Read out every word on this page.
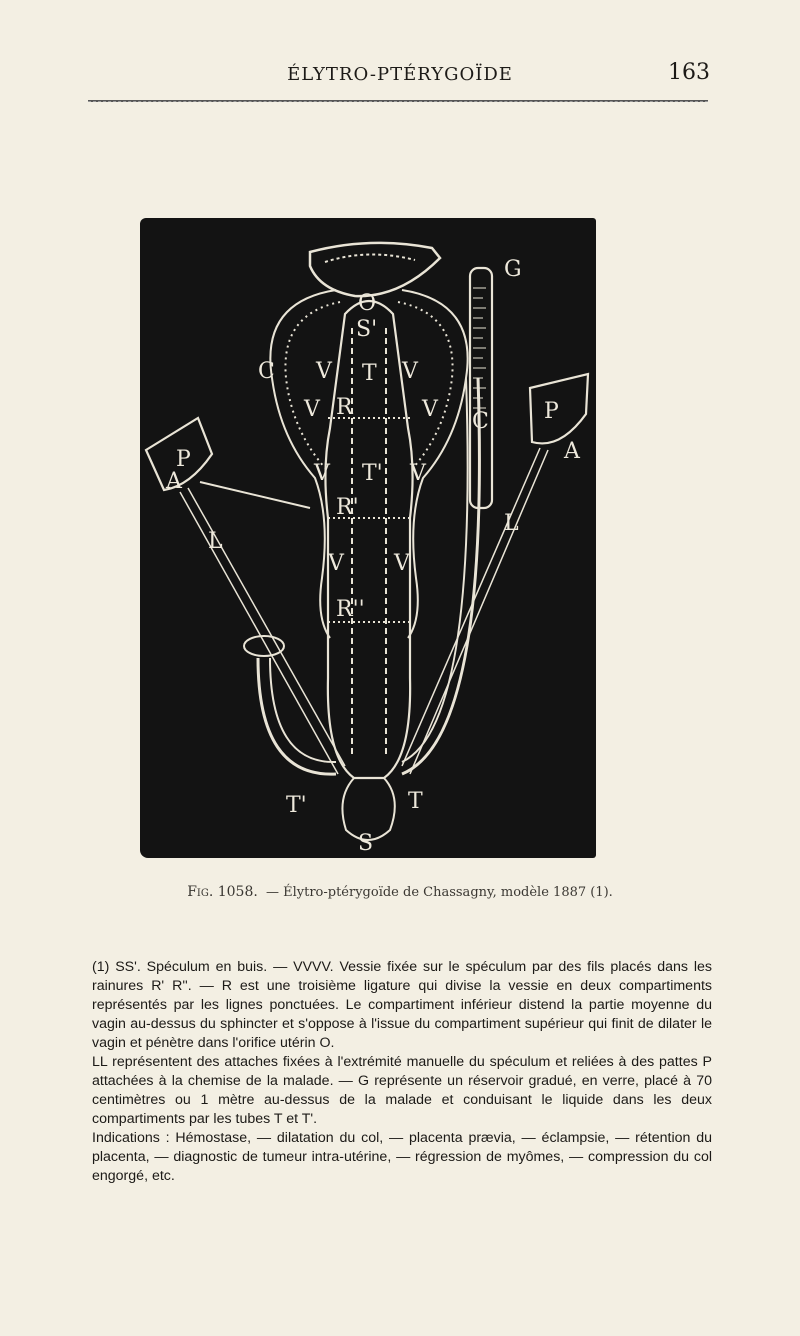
ÉLYTRO-PTÉRYGOÏDE	163
O
S'
S
C
C
V	V
V	V
V	V
V V
R
R'
R''
T
T'
T
T'
G
P
P
A
A
L
L
Fig. 1058. — Élytro-ptérygoïde de Chassagny, modèle 1887 (1).

(1) SS'. Spéculum en buis. — VVVV. Vessie fixée sur le spéculum par des fils placés dans les rainures R' R''. — R est une troisième ligature qui divise la vessie en deux compartiments représentés par les lignes ponctuées. Le compartiment inférieur distend la partie moyenne du vagin au-dessus du sphincter et s'oppose à l'issue du compartiment supérieur qui finit de dilater le vagin et pénètre dans l'orifice utérin O.

LL représentent des attaches fixées à l'extrémité manuelle du spéculum et reliées à des pattes P attachées à la chemise de la malade. — G représente un réservoir gradué, en verre, placé à 70 centimètres ou 1 mètre au-dessus de la malade et conduisant le liquide dans les deux compartiments par les tubes T et T'.

Indications : Hémostase, — dilatation du col, — placenta prævia, — éclampsie, — rétention du placenta, — diagnostic de tumeur intra-utérine, — régression de myômes, — compression du col engorgé, etc.
